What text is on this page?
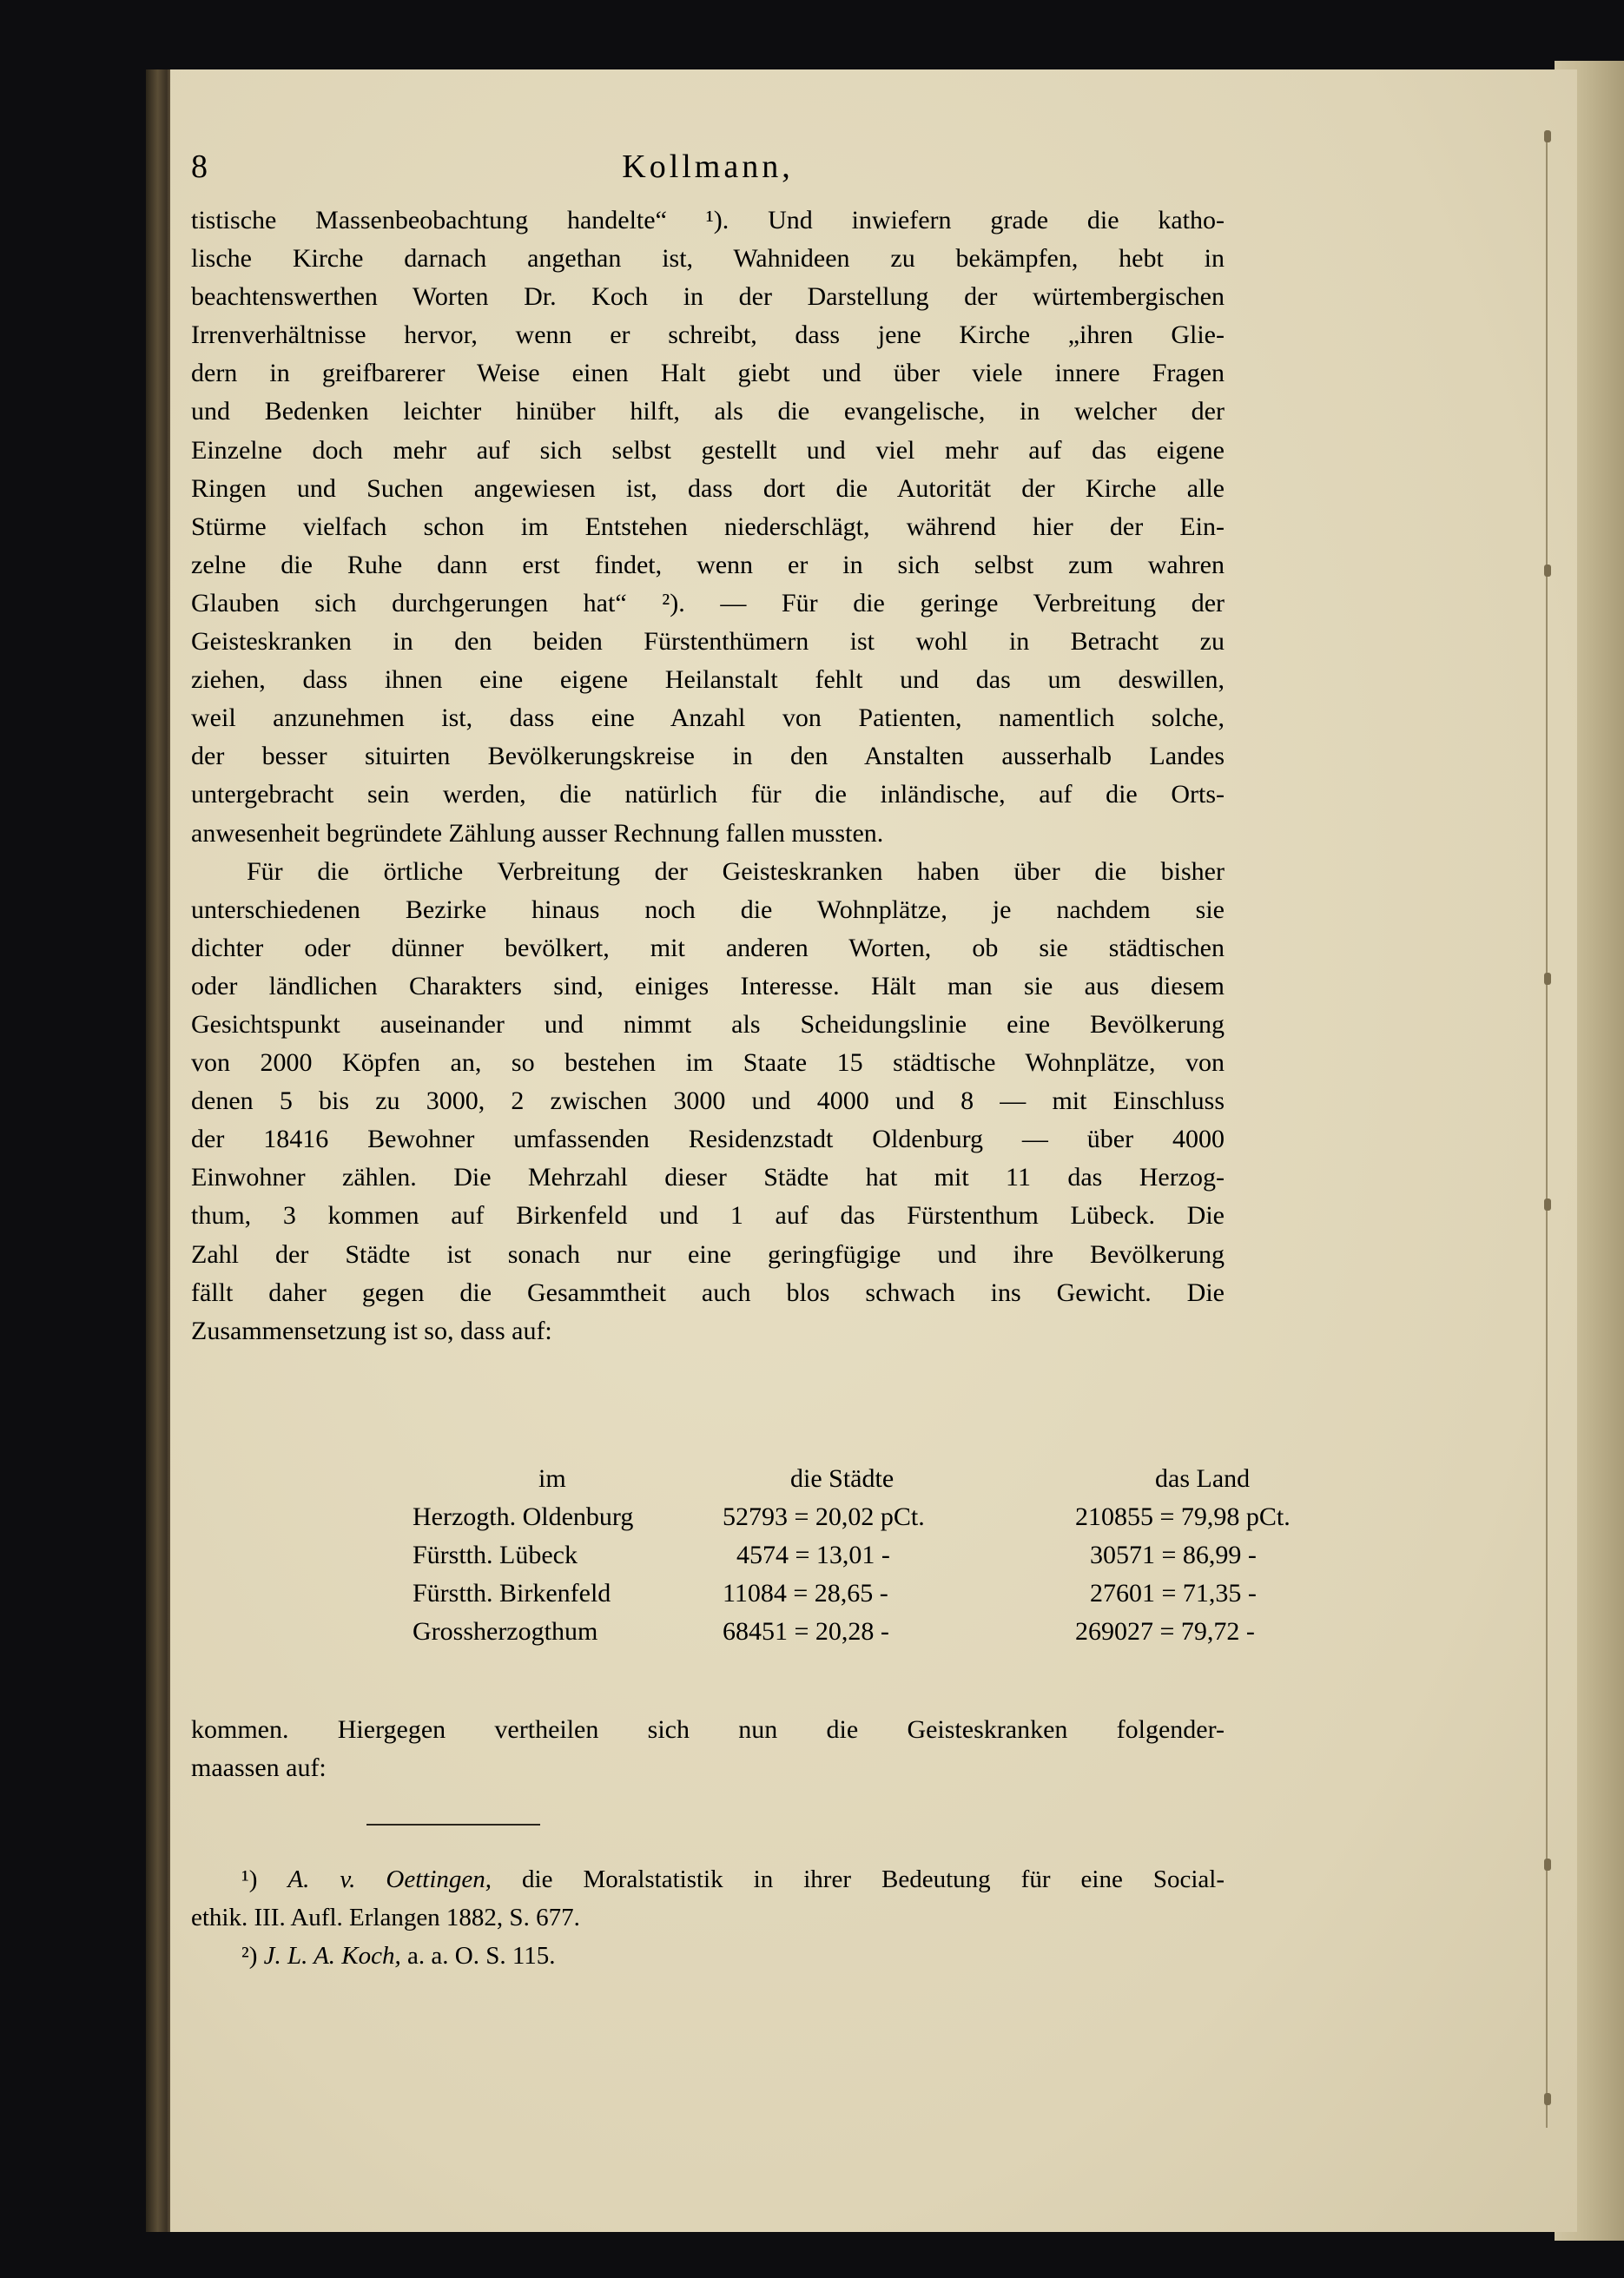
8	Kollmann,

tistische Massenbeobachtung handelte“ ¹). Und inwiefern grade die katho-
lische Kirche darnach angethan ist, Wahnideen zu bekämpfen, hebt in
beachtenswerthen Worten Dr. Koch in der Darstellung der würtembergischen
Irrenverhältnisse hervor, wenn er schreibt, dass jene Kirche „ihren Glie-
dern in greifbarerer Weise einen Halt giebt und über viele innere Fragen
und Bedenken leichter hinüber hilft, als die evangelische, in welcher der
Einzelne doch mehr auf sich selbst gestellt und viel mehr auf das eigene
Ringen und Suchen angewiesen ist, dass dort die Autorität der Kirche alle
Stürme vielfach schon im Entstehen niederschlägt, während hier der Ein-
zelne die Ruhe dann erst findet, wenn er in sich selbst zum wahren
Glauben sich durchgerungen hat“ ²). — Für die geringe Verbreitung der
Geisteskranken in den beiden Fürstenthümern ist wohl in Betracht zu
ziehen, dass ihnen eine eigene Heilanstalt fehlt und das um deswillen,
weil anzunehmen ist, dass eine Anzahl von Patienten, namentlich solche,
der besser situirten Bevölkerungskreise in den Anstalten ausserhalb Landes
untergebracht sein werden, die natürlich für die inländische, auf die Orts-
anwesenheit begründete Zählung ausser Rechnung fallen mussten.

Für die örtliche Verbreitung der Geisteskranken haben über die bisher
unterschiedenen Bezirke hinaus noch die Wohnplätze, je nachdem sie
dichter oder dünner bevölkert, mit anderen Worten, ob sie städtischen
oder ländlichen Charakters sind, einiges Interesse. Hält man sie aus diesem
Gesichtspunkt auseinander und nimmt als Scheidungslinie eine Bevölkerung
von 2000 Köpfen an, so bestehen im Staate 15 städtische Wohnplätze, von
denen 5 bis zu 3000, 2 zwischen 3000 und 4000 und 8 — mit Einschluss
der 18416 Bewohner umfassenden Residenzstadt Oldenburg — über 4000
Einwohner zählen. Die Mehrzahl dieser Städte hat mit 11 das Herzog-
thum, 3 kommen auf Birkenfeld und 1 auf das Fürstenthum Lübeck. Die
Zahl der Städte ist sonach nur eine geringfügige und ihre Bevölkerung
fällt daher gegen die Gesammtheit auch blos schwach ins Gewicht. Die
Zusammensetzung ist so, dass auf:

im	die Städte	das Land
Herzogth. Oldenburg	52793 = 20,02 pCt.	210855 = 79,98 pCt.
Fürstth. Lübeck	4574 = 13,01 -	30571 = 86,99 -
Fürstth. Birkenfeld	11084 = 28,65 -	27601 = 71,35 -
Grossherzogthum	68451 = 20,28 -	269027 = 79,72 -
kommen. Hiergegen vertheilen sich nun die Geisteskranken folgender-
maassen auf:
¹) A. v. Oettingen, die Moralstatistik in ihrer Bedeutung für eine Social-
ethik. III. Aufl. Erlangen 1882, S. 677.
²) J. L. A. Koch, a. a. O. S. 115.
